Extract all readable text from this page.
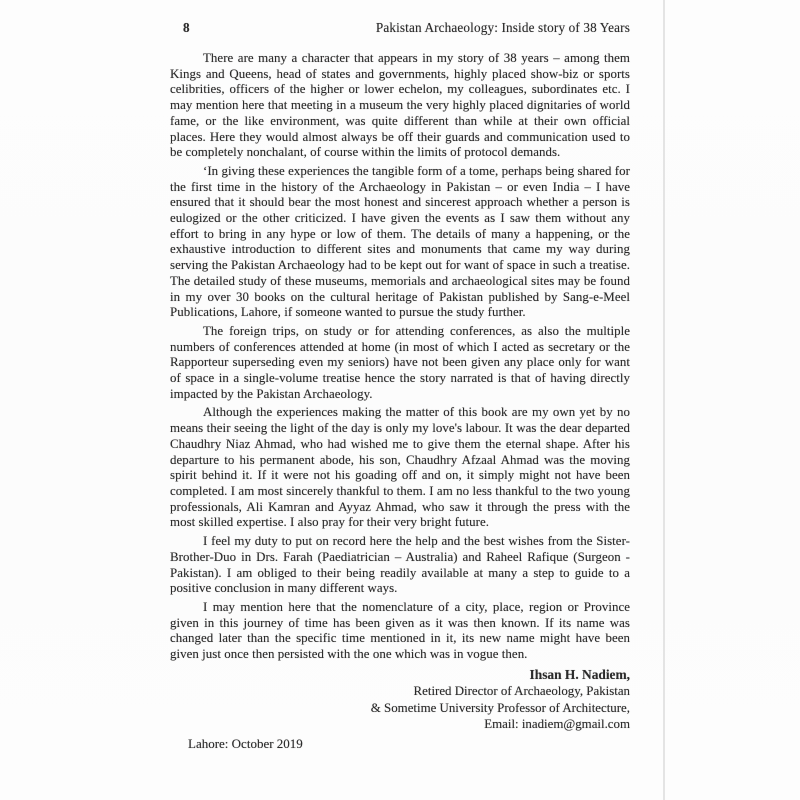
8	Pakistan Archaeology: Inside story of 38 Years

There are many a character that appears in my story of 38 years – among them Kings and Queens, head of states and governments, highly placed show-biz or sports celibrities, officers of the higher or lower echelon, my colleagues, subordinates etc. I may mention here that meeting in a museum the very highly placed dignitaries of world fame, or the like environment, was quite different than while at their own official places. Here they would almost always be off their guards and communication used to be completely nonchalant, of course within the limits of protocol demands.

‘In giving these experiences the tangible form of a tome, perhaps being shared for the first time in the history of the Archaeology in Pakistan – or even India – I have ensured that it should bear the most honest and sincerest approach whether a person is eulogized or the other criticized. I have given the events as I saw them without any effort to bring in any hype or low of them. The details of many a happening, or the exhaustive introduction to different sites and monuments that came my way during serving the Pakistan Archaeology had to be kept out for want of space in such a treatise. The detailed study of these museums, memorials and archaeological sites may be found in my over 30 books on the cultural heritage of Pakistan published by Sang-e-Meel Publications, Lahore, if someone wanted to pursue the study further.

The foreign trips, on study or for attending conferences, as also the multiple numbers of conferences attended at home (in most of which I acted as secretary or the Rapporteur superseding even my seniors) have not been given any place only for want of space in a single-volume treatise hence the story narrated is that of having directly impacted by the Pakistan Archaeology.

Although the experiences making the matter of this book are my own yet by no means their seeing the light of the day is only my love's labour. It was the dear departed Chaudhry Niaz Ahmad, who had wished me to give them the eternal shape. After his departure to his permanent abode, his son, Chaudhry Afzaal Ahmad was the moving spirit behind it. If it were not his goading off and on, it simply might not have been completed. I am most sincerely thankful to them. I am no less thankful to the two young professionals, Ali Kamran and Ayyaz Ahmad, who saw it through the press with the most skilled expertise. I also pray for their very bright future.

I feel my duty to put on record here the help and the best wishes from the Sister-Brother-Duo in Drs. Farah (Paediatrician – Australia) and Raheel Rafique (Surgeon - Pakistan). I am obliged to their being readily available at many a step to guide to a positive conclusion in many different ways.

I may mention here that the nomenclature of a city, place, region or Province given in this journey of time has been given as it was then known. If its name was changed later than the specific time mentioned in it, its new name might have been given just once then persisted with the one which was in vogue then.

Ihsan H. Nadiem,
Retired Director of Archaeology, Pakistan
& Sometime University Professor of Architecture,
Email: inadiem@gmail.com
Lahore: October 2019
